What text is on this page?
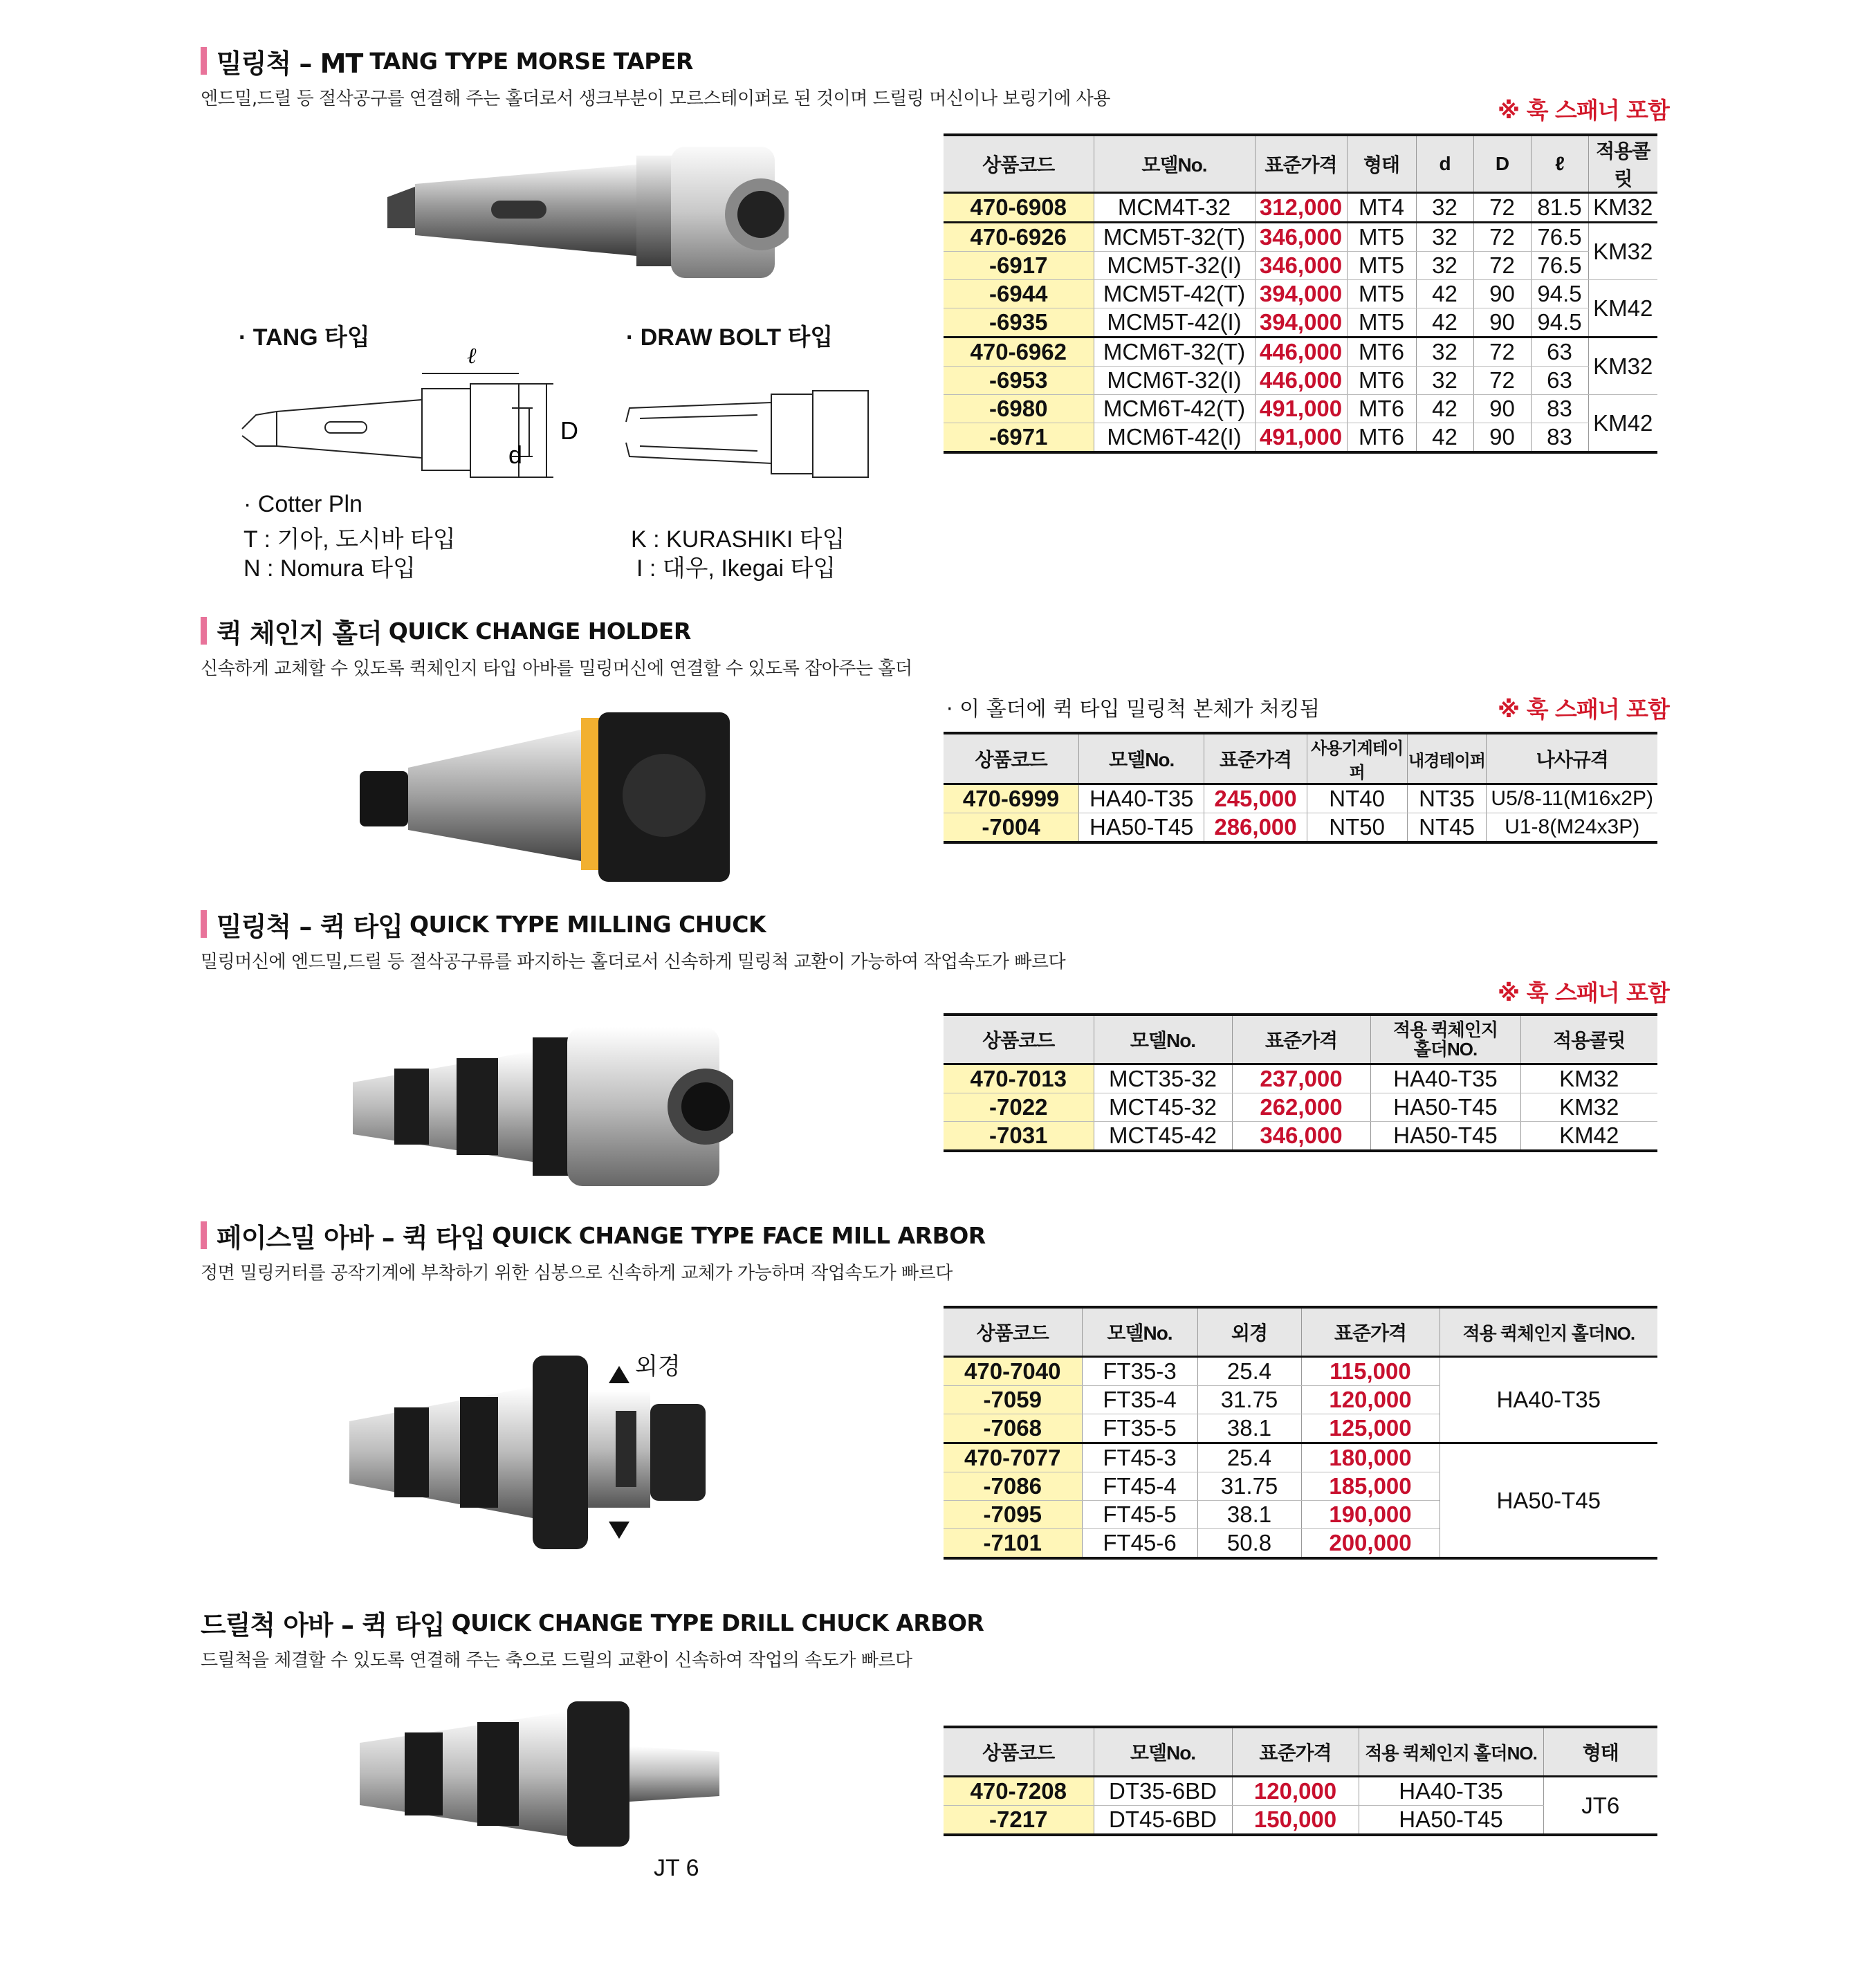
밀링척 – MT TANG TYPE MORSE TAPER
엔드밀,드릴 등 절삭공구를 연결해 주는 홀더로서 생크부분이 모르스테이퍼로 된 것이며 드릴링 머신이나 보링기에 사용	※ 훅 스패너 포함
· TANG 타입	· DRAW BOLT 타입
ℓ
D
d
· Cotter Pln
T : 기아, 도시바 타입
N : Nomura 타입
K : KURASHIKI 타입
I : 대우, Ikegai 타입
상품코드	모델No.	표준가격	형태	d	D	ℓ	적용콜릿
470-6908	MCM4T-32	312,000	MT4	32	72	81.5	KM32
470-6926	MCM5T-32(T)	346,000	MT5	32	72	76.5	KM32
-6917	MCM5T-32(I)	346,000	MT5	32	72	76.5	
-6944	MCM5T-42(T)	394,000	MT5	42	90	94.5	KM42
-6935	MCM5T-42(I)	394,000	MT5	42	90	94.5	
470-6962	MCM6T-32(T)	446,000	MT6	32	72	63	KM32
-6953	MCM6T-32(I)	446,000	MT6	32	72	63	
-6980	MCM6T-42(T)	491,000	MT6	42	90	83	KM42
-6971	MCM6T-42(I)	491,000	MT6	42	90	83	
퀵 체인지 홀더 QUICK CHANGE HOLDER
신속하게 교체할 수 있도록 퀵체인지 타입 아바를 밀링머신에 연결할 수 있도록 잡아주는 홀더
· 이 홀더에 퀵 타입 밀링척 본체가 처킹됨	※ 훅 스패너 포함
상품코드	모델No.	표준가격	사용기계테이퍼	내경테이퍼	나사규격
470-6999	HA40-T35	245,000	NT40	NT35	U5/8-11(M16x2P)
-7004	HA50-T45	286,000	NT50	NT45	U1-8(M24x3P)
밀링척 – 퀵 타입 QUICK TYPE MILLING CHUCK
밀링머신에 엔드밀,드릴 등 절삭공구류를 파지하는 홀더로서 신속하게 밀링척 교환이 가능하여 작업속도가 빠르다
※ 훅 스패너 포함
상품코드	모델No.	표준가격	적용 퀵체인지 홀더NO.	적용콜릿
470-7013	MCT35-32	237,000	HA40-T35	KM32
-7022	MCT45-32	262,000	HA50-T45	KM32
-7031	MCT45-42	346,000	HA50-T45	KM42
페이스밀 아바 – 퀵 타입 QUICK CHANGE TYPE FACE MILL ARBOR
정면 밀링커터를 공작기계에 부착하기 위한 심봉으로 신속하게 교체가 가능하며 작업속도가 빠르다
외경
상품코드	모델No.	외경	표준가격	적용 퀵체인지 홀더NO.
470-7040	FT35-3	25.4	115,000	HA40-T35
-7059	FT35-4	31.75	120,000	
-7068	FT35-5	38.1	125,000	
470-7077	FT45-3	25.4	180,000	HA50-T45
-7086	FT45-4	31.75	185,000	
-7095	FT45-5	38.1	190,000	
-7101	FT45-6	50.8	200,000	
드릴척 아바 – 퀵 타입 QUICK CHANGE TYPE DRILL CHUCK ARBOR
드릴척을 체결할 수 있도록 연결해 주는 축으로 드릴의 교환이 신속하여 작업의 속도가 빠르다
JT 6
상품코드	모델No.	표준가격	적용 퀵체인지 홀더NO.	형태
470-7208	DT35-6BD	120,000	HA40-T35	JT6
-7217	DT45-6BD	150,000	HA50-T45	
